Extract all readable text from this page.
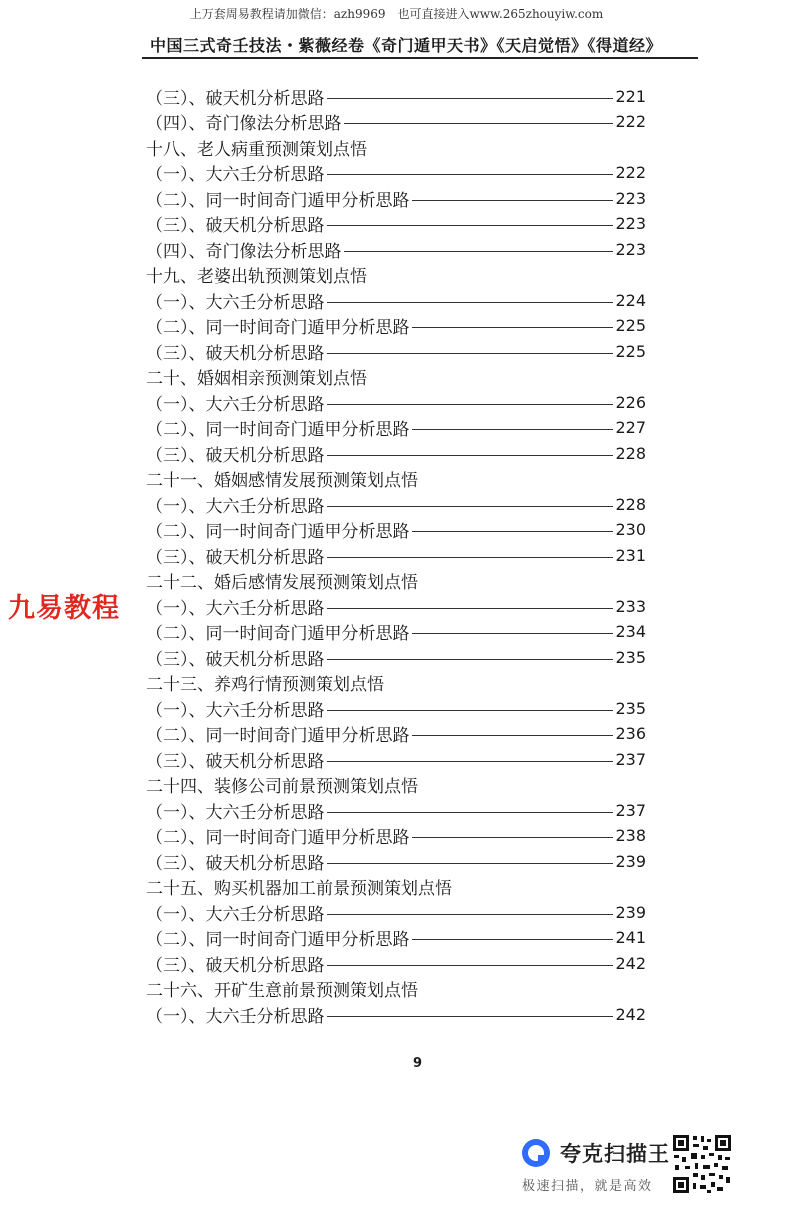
上万套周易教程请加微信：azh9969　也可直接进入www.265zhouyiw.com
中国三式奇壬技法・紫薇经卷《奇门遁甲天书》《天启觉悟》《得道经》
（三）、破天机分析思路	221
（四）、奇门像法分析思路	222
十八、老人病重预测策划点悟
（一）、大六壬分析思路	222
（二）、同一时间奇门遁甲分析思路	223
（三）、破天机分析思路	223
（四）、奇门像法分析思路	223
十九、老婆出轨预测策划点悟
（一）、大六壬分析思路	224
（二）、同一时间奇门遁甲分析思路	225
（三）、破天机分析思路	225
二十、婚姻相亲预测策划点悟
（一）、大六壬分析思路	226
（二）、同一时间奇门遁甲分析思路	227
（三）、破天机分析思路	228
二十一、婚姻感情发展预测策划点悟
（一）、大六壬分析思路	228
（二）、同一时间奇门遁甲分析思路	230
（三）、破天机分析思路	231
二十二、婚后感情发展预测策划点悟
（一）、大六壬分析思路	233
（二）、同一时间奇门遁甲分析思路	234
（三）、破天机分析思路	235
二十三、养鸡行情预测策划点悟
（一）、大六壬分析思路	235
（二）、同一时间奇门遁甲分析思路	236
（三）、破天机分析思路	237
二十四、装修公司前景预测策划点悟
（一）、大六壬分析思路	237
（二）、同一时间奇门遁甲分析思路	238
（三）、破天机分析思路	239
二十五、购买机器加工前景预测策划点悟
（一）、大六壬分析思路	239
（二）、同一时间奇门遁甲分析思路	241
（三）、破天机分析思路	242
二十六、开矿生意前景预测策划点悟
（一）、大六壬分析思路	242
九易教程
9
夸克扫描王
极速扫描，就是高效
